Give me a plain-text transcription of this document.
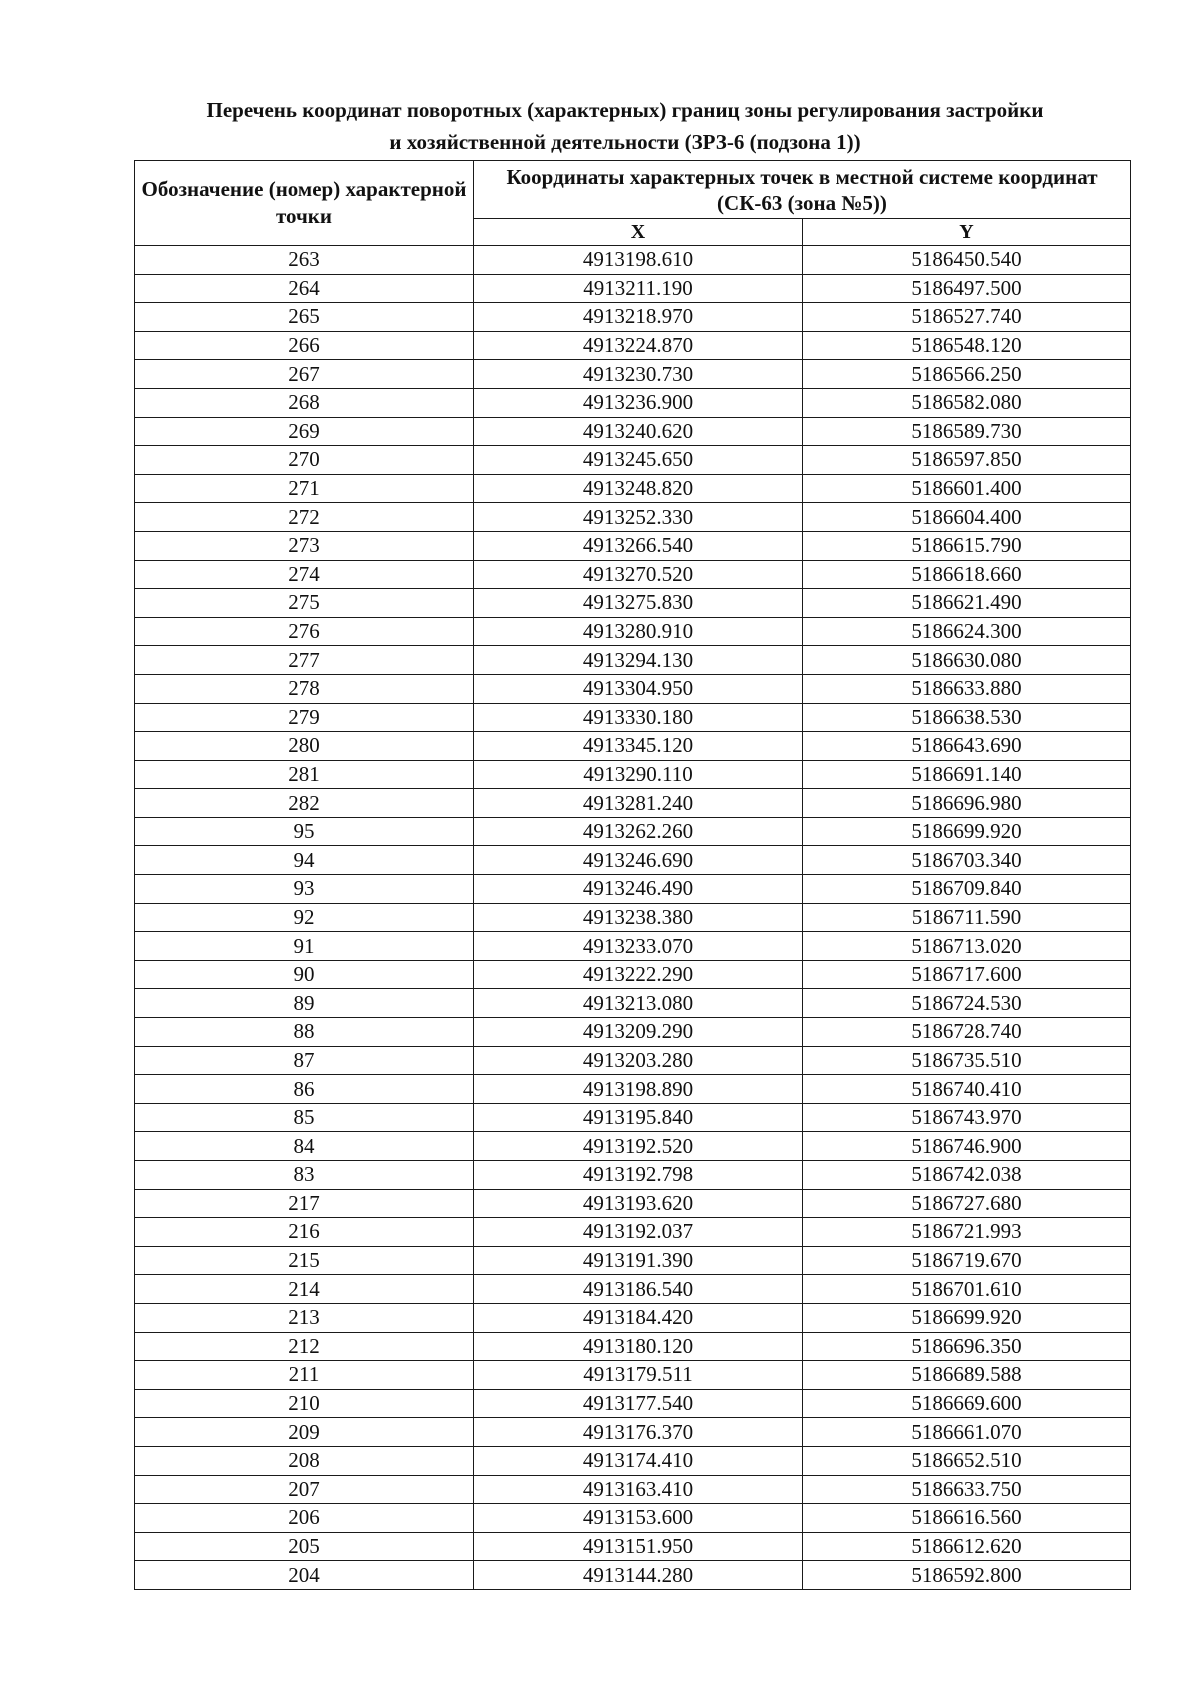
Перечень координат поворотных (характерных) границ зоны регулирования застройки
и хозяйственной деятельности (ЗРЗ-6 (подзона 1))
Обозначение (номер) характерной точки	Координаты характерных точек в местной системе координат (СК-63 (зона №5))	
	X	Y
263	4913198.610	5186450.540
264	4913211.190	5186497.500
265	4913218.970	5186527.740
266	4913224.870	5186548.120
267	4913230.730	5186566.250
268	4913236.900	5186582.080
269	4913240.620	5186589.730
270	4913245.650	5186597.850
271	4913248.820	5186601.400
272	4913252.330	5186604.400
273	4913266.540	5186615.790
274	4913270.520	5186618.660
275	4913275.830	5186621.490
276	4913280.910	5186624.300
277	4913294.130	5186630.080
278	4913304.950	5186633.880
279	4913330.180	5186638.530
280	4913345.120	5186643.690
281	4913290.110	5186691.140
282	4913281.240	5186696.980
95	4913262.260	5186699.920
94	4913246.690	5186703.340
93	4913246.490	5186709.840
92	4913238.380	5186711.590
91	4913233.070	5186713.020
90	4913222.290	5186717.600
89	4913213.080	5186724.530
88	4913209.290	5186728.740
87	4913203.280	5186735.510
86	4913198.890	5186740.410
85	4913195.840	5186743.970
84	4913192.520	5186746.900
83	4913192.798	5186742.038
217	4913193.620	5186727.680
216	4913192.037	5186721.993
215	4913191.390	5186719.670
214	4913186.540	5186701.610
213	4913184.420	5186699.920
212	4913180.120	5186696.350
211	4913179.511	5186689.588
210	4913177.540	5186669.600
209	4913176.370	5186661.070
208	4913174.410	5186652.510
207	4913163.410	5186633.750
206	4913153.600	5186616.560
205	4913151.950	5186612.620
204	4913144.280	5186592.800
